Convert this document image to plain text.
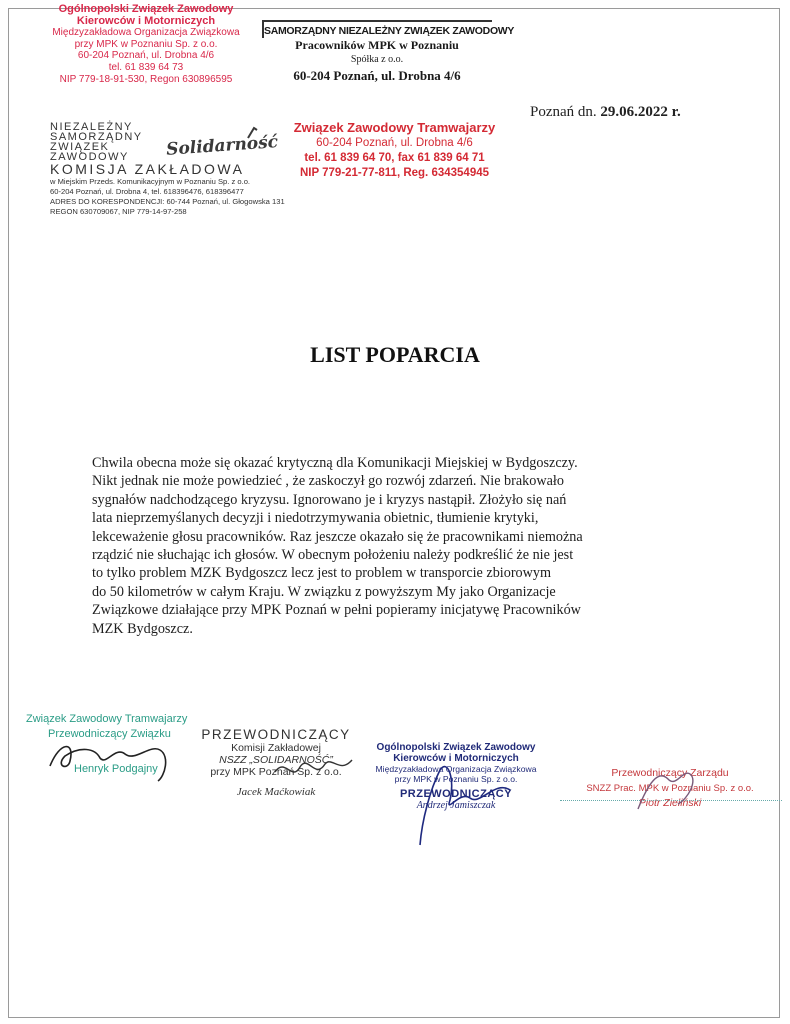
Ogólnopolski Związek Zawodowy
Kierowców i Motorniczych
Międzyzakładowa Organizacja Związkowa
przy MPK w Poznaniu Sp. z o.o.
60-204 Poznań, ul. Drobna 4/6
tel. 61 839 64 73
NIP 779-18-91-530, Regon 630896595
SAMORZĄDNY NIEZALEŻNY ZWIĄZEK ZAWODOWY
Pracowników MPK w Poznaniu
Spółka z o.o.
60-204 Poznań, ul. Drobna 4/6
Poznań dn. 29.06.2022 r.
NIEZALEŻNY
SAMORZĄDNY
ZWIĄZEK
ZAWODOWY
KOMISJA ZAKŁADOWA
w Miejskim Przeds. Komunikacyjnym w Poznaniu Sp. z o.o.
60-204 Poznań, ul. Drobna 4, tel. 618396476, 618396477
ADRES DO KORESPONDENCJI: 60-744 Poznań, ul. Głogowska 131
REGON 630709067, NIP 779-14-97-258
Solidarność
Związek Zawodowy Tramwajarzy
60-204 Poznań, ul. Drobna 4/6
tel. 61 839 64 70, fax 61 839 64 71
NIP 779-21-77-811, Reg. 634354945
LIST POPARCIA
Chwila obecna może się okazać krytyczną dla Komunikacji Miejskiej w Bydgoszczy.
Nikt jednak nie może powiedzieć , że zaskoczył go rozwój zdarzeń. Nie brakowało
sygnałów nadchodzącego kryzysu. Ignorowano je i kryzys nastąpił. Złożyło się nań
lata nieprzemyślanych decyzji i niedotrzymywania obietnic, tłumienie krytyki,
lekceważenie głosu pracowników. Raz jeszcze okazało się że pracownikami niemożna
rządzić nie słuchając ich głosów. W obecnym położeniu należy podkreślić że nie jest
to tylko problem MZK Bydgoszcz lecz jest to problem w transporcie zbiorowym
do 50 kilometrów w całym Kraju. W związku z powyższym My jako Organizacje
Związkowe działające przy MPK Poznań w pełni popieramy inicjatywę Pracowników
MZK Bydgoszcz.
Związek Zawodowy Tramwajarzy
Przewodniczący Związku
Henryk Podgajny
PRZEWODNICZĄCY
Komisji Zakładowej
NSZZ „SOLIDARNOŚĆ”
przy MPK Poznań Sp. z o.o.
Jacek Maćkowiak
Ogólnopolski Związek Zawodowy
Kierowców i Motorniczych
Międzyzakładowa Organizacja Związkowa
przy MPK w Poznaniu Sp. z o.o.
PRZEWODNICZĄCY
Andrzej Jamiszczak
Przewodniczący Zarządu
SNZZ Prac. MPK w Poznaniu Sp. z o.o.
Piotr Zieliński
